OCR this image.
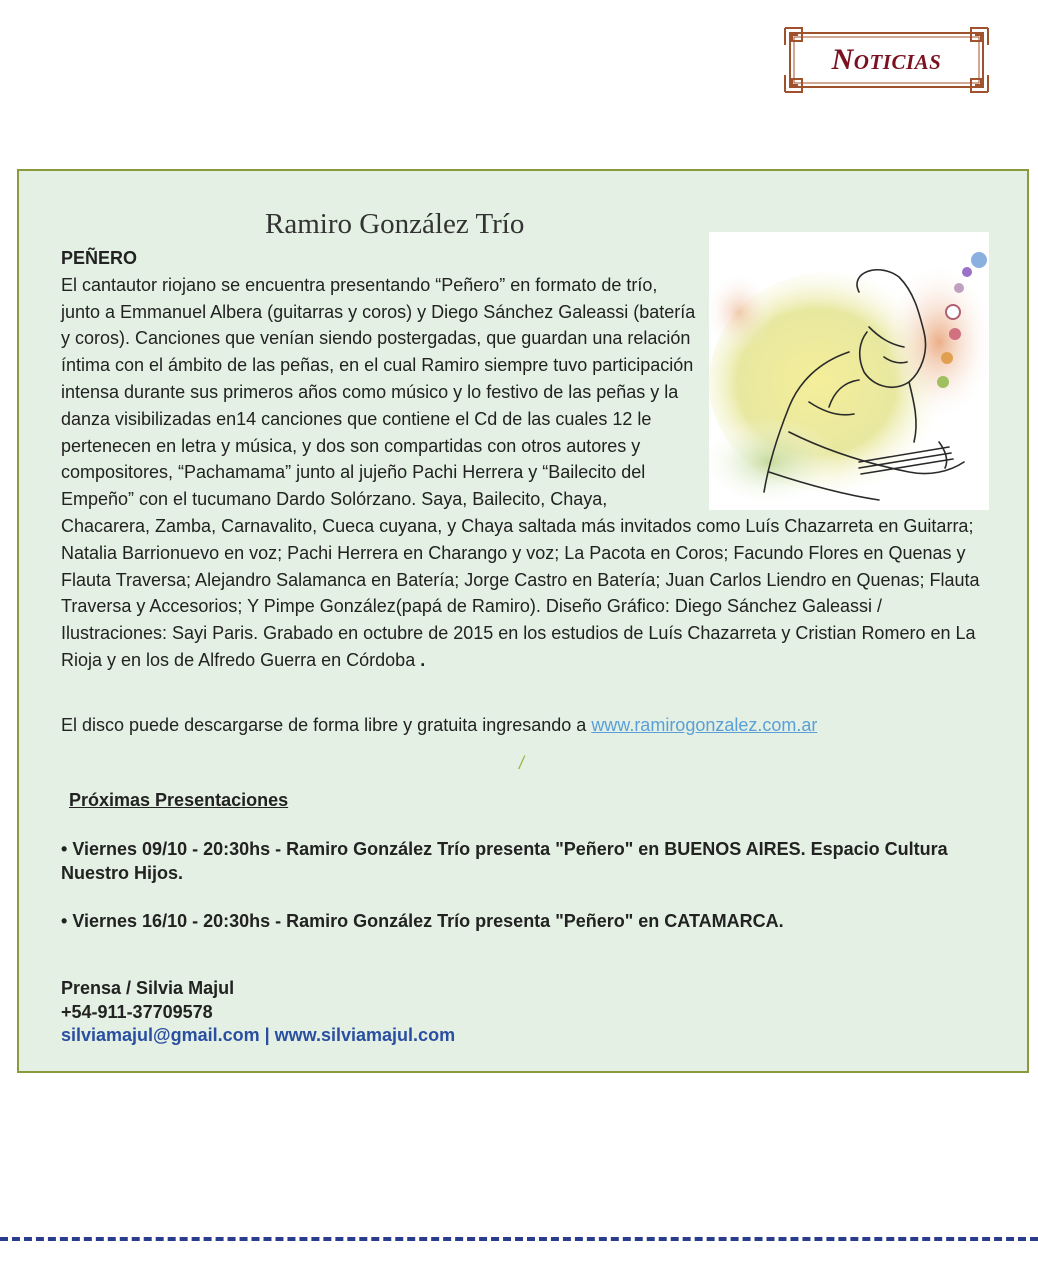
Noticias
Ramiro González Trío
PEÑERO
El cantautor riojano se encuentra presentando “Peñero” en formato de trío, junto a Emmanuel Albera (guitarras y coros) y Diego Sánchez Galeassi (batería y coros). Canciones que venían siendo postergadas, que guardan una relación íntima con el ámbito de las peñas, en el cual Ramiro siempre tuvo participación intensa durante sus primeros años como músico y lo festivo de las peñas y la danza visibilizadas en14 canciones que contiene el Cd de las cuales 12 le pertenecen en letra y música, y dos son compartidas con otros autores y compositores, “Pachamama” junto al jujeño Pachi Herrera y “Bailecito del Empeño” con el tucumano Dardo Solórzano. Saya, Bailecito, Chaya, Chacarera, Zamba, Carnavalito, Cueca cuyana, y Chaya saltada más invitados como Luís Chazarreta en Guitarra; Natalia Barrionuevo en voz; Pachi Herrera en Charango y voz; La Pacota en Coros; Facundo Flores en Quenas y Flauta Traversa; Alejandro Salamanca en Batería; Jorge Castro en Batería; Juan Carlos Liendro en Quenas; Flauta Traversa y Accesorios; Y Pimpe González(papá de Ramiro). Diseño Gráfico: Diego Sánchez Galeassi / Ilustraciones: Sayi Paris. Grabado en octubre de 2015 en los estudios de Luís Chazarreta y Cristian Romero en La Rioja y en los de Alfredo Guerra en Córdoba .
El disco puede descargarse de forma libre y gratuita ingresando a www.ramirogonzalez.com.ar
/
Próximas Presentaciones
• Viernes 09/10 - 20:30hs - Ramiro González Trío presenta "Peñero" en BUENOS AIRES. Espacio Cultura Nuestro Hijos.
• Viernes 16/10 - 20:30hs - Ramiro González Trío presenta "Peñero" en CATAMARCA.
Prensa / Silvia Majul
+54-911-37709578
silviamajul@gmail.com | www.silviamajul.com
